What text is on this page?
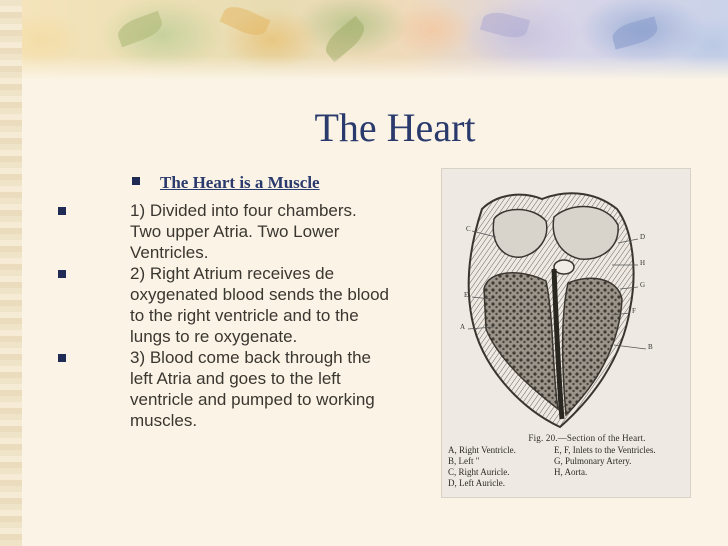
The Heart
The Heart is a Muscle
1) Divided into four chambers. Two upper Atria. Two Lower Ventricles.
2) Right Atrium receives de oxygenated blood sends the blood to the right ventricle and to the lungs to re oxygenate.
3) Blood come back through the left Atria and goes to the left ventricle and pumped to working muscles.
C
D
H
G
E
F
A
B
Fig. 20.—Section of the Heart.
A, Right Ventricle.	E, F, Inlets to the Ventricles.
B, Left "	G, Pulmonary Artery.
C, Right Auricle.	H, Aorta.
D, Left Auricle.
